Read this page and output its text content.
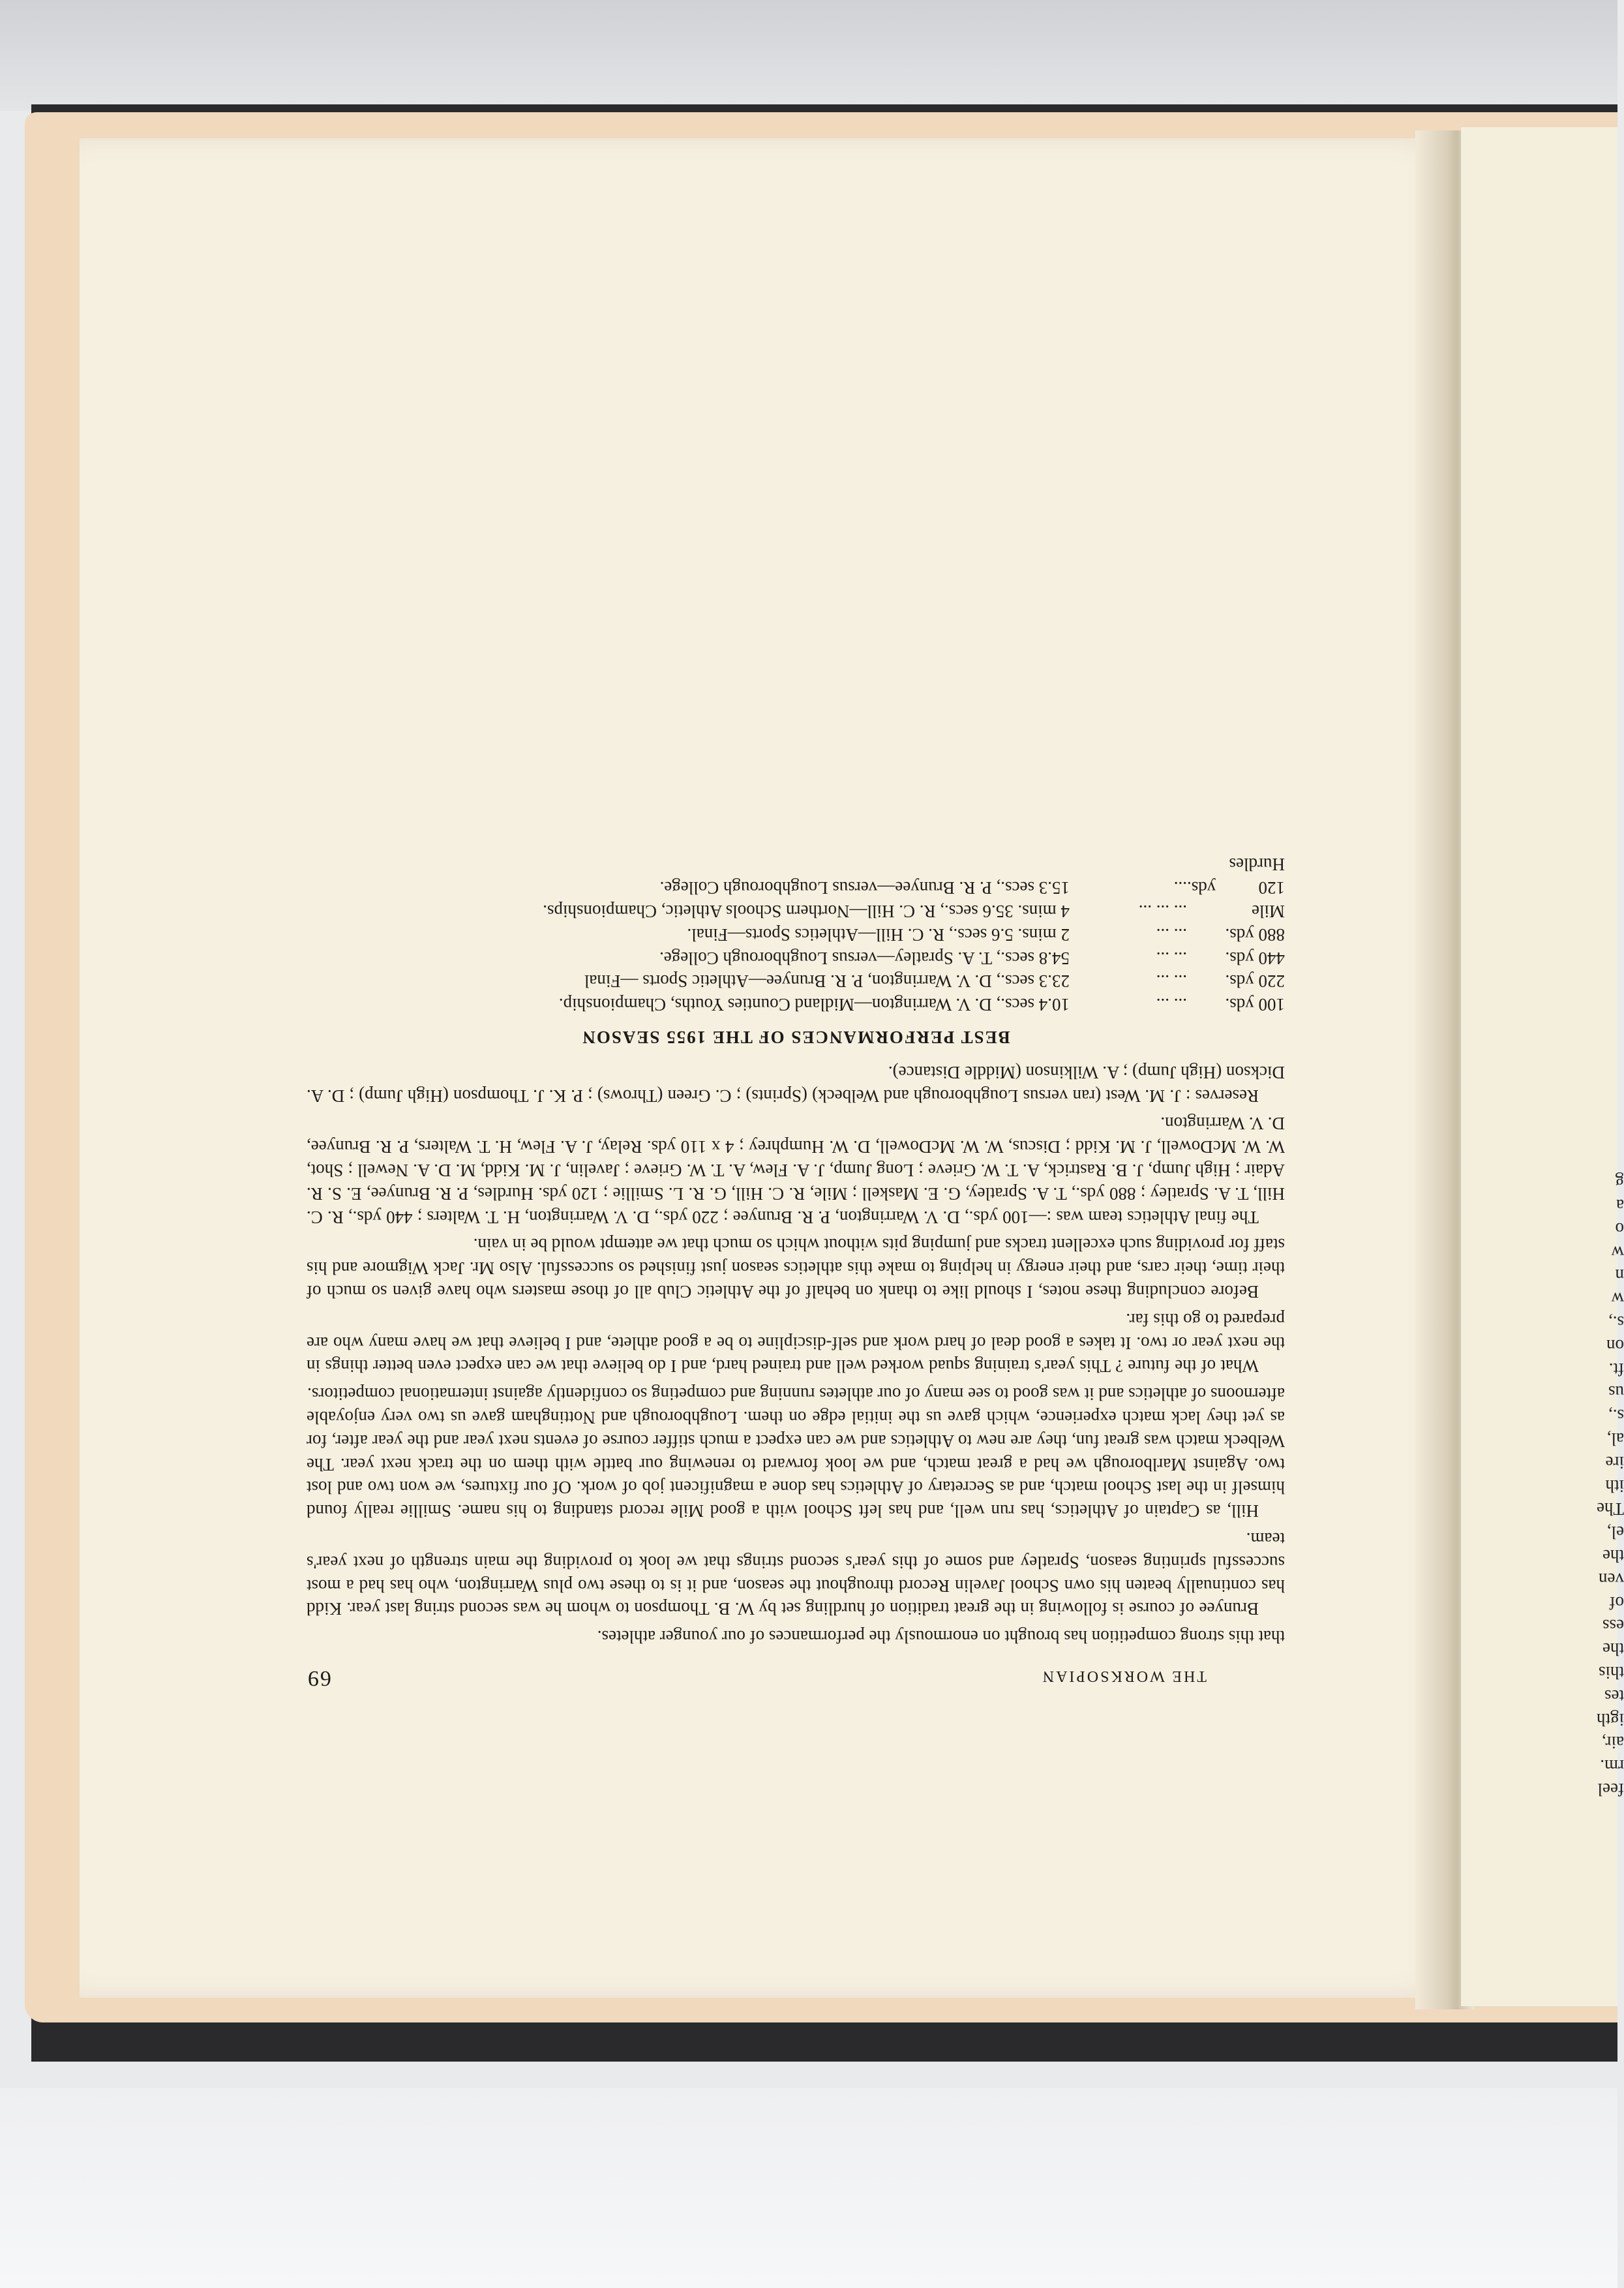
THE WORKSOPIAN
69

that this strong competition has brought on enormously the performances of our younger athletes.

Brunyee of course is following in the great tradition of hurdling set by W. B. Thompson to whom he was second string last year. Kidd has continually beaten his own School Javelin Record throughout the season, and it is to these two plus Warrington, who has had a most successful sprinting season, Spratley and some of this year's second strings that we look to providing the main strength of next year's team.

Hill, as Captain of Athletics, has run well, and has left School with a good Mile record standing to his name. Smillie really found himself in the last School match, and as Secretary of Athletics has done a magnificent job of work. Of our fixtures, we won two and lost two. Against Marlborough we had a great match, and we look forward to renewing our battle with them on the track next year. The Welbeck match was great fun, they are new to Athletics and we can expect a much stiffer course of events next year and the year after, for as yet they lack match experience, which gave us the initial edge on them. Loughborough and Nottingham gave us two very enjoyable afternoons of athletics and it was good to see many of our athletes running and competing so confidently against international competitors.

What of the future ? This year's training squad worked well and trained hard, and I do believe that we can expect even better things in the next year or two. It takes a good deal of hard work and self-discipline to be a good athlete, and I believe that we have many who are prepared to go this far.

Before concluding these notes, I should like to thank on behalf of the Athletic Club all of those masters who have given so much of their time, their cars, and their energy in helping to make this athletics season just finished so successful. Also Mr. Jack Wigmore and his staff for providing such excellent tracks and jumping pits without which so much that we attempt would be in vain.

The final Athletics team was :—100 yds., D. V. Warrington, P. R. Brunyee ; 220 yds., D. V. Warrington, H. T. Walters ; 440 yds., R. C. Hill, T. A. Spratley ; 880 yds., T. A. Spratley, G. E. Maskell ; Mile, R. C. Hill, G. R. L. Smillie ; 120 yds. Hurdles, P. R. Brunyee, E. S. R. Adair ; High Jump, J. B. Rastrick, A. T. W. Grieve ; Long Jump, J. A. Flew, A. T. W. Grieve ; Javelin, J. M. Kidd, M. D. A. Newell ; Shot, W. W. McDowell, J. M. Kidd ; Discus, W. W. McDowell, D. W. Humphrey ; 4 x 110 yds. Relay, J. A. Flew, H. T. Walters, P. R. Brunyee, D. V. Warrington.

Reserves : J. M. West (ran versus Loughborough and Welbeck) (Sprints) ; C. Green (Throws) ; P. K. J. Thompson (High Jump) ; D. A. Dickson (High Jump) ; A. Wilkinson (Middle Distance).

BEST PERFORMANCES OF THE 1955 SEASON
100 yds.	... ...	10.4 secs., D. V. Warrington—Midland Counties Youths, Championship.
220 yds.	... ...	23.3 secs., D. V. Warrington, P. R. Brunyee—Athletic Sports —Final
440 yds.	... ...	54.8 secs., T. A. Spratley—versus Loughborough College.
880 yds.	... ...	2 mins. 5.6 secs., R. C. Hill—Athletics Sports—Final.
Mile	... ... ...	4 mins. 35.6 secs., R. C. Hill—Northern Schools Athletic, Championships.
120 yds. Hurdles	...	15.3 secs., P. R. Brunyee—versus Loughborough College.
feel
rm.
air,
igth
tes
this
the
ess
of
ven
the
el,
The
ith
ire
al,
s.,
us
ft.
on
s.,
w
n
w
o
a
g
